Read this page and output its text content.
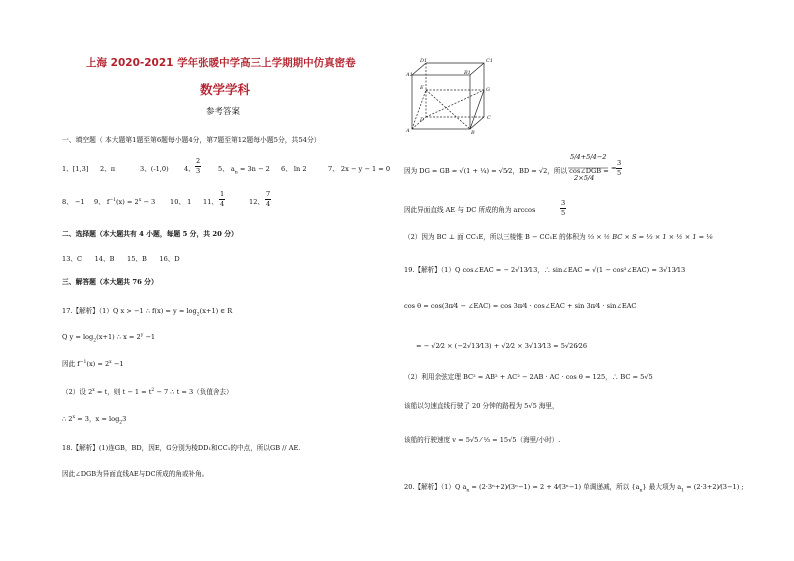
上海 2020-2021 学年张暖中学高三上学期期中仿真密卷
数学学科
参考答案
一、填空题（ 本大题第1题至第6题每小题4分，第7题至第12题每小题5分，共54分）
1、[1,3] 2、π	3、(-1,0) 4、 $\frac{2}{3}$	5、 $a_n = 3n - 2$ 6、 ln 2	7、 2x − y − 1 = 0
8、 −1 9、 $f^{-1}(x) = 2^x - 3$ 10、 1 11、 $\frac{1}{4}$	12、 $\frac{7}{4}$
二、选择题（本大题共有 4 小题，每题 5 分，共 20 分）
13、C      14、B      15、B      16、D
三、解答题（本大题共 76 分）
17.【解析】（1）Q x > −1 ∴ $f(x) = y = \log_2(x+1)$ ∈ R
Q $y = \log_2(x+1)$ ∴ $x = 2^y -1$
因此 $f^{-1}(x) = 2^x -1$
（2）设 $2^x = t$，则 $t - 1 = t^2 - 7$ ∴ t = 3（负值舍去）
∴ $2^x = 3$，$x = \log_23$
18.【解析】(1)连GB，BD，因E，G分别为棱DD₁和CC₁的中点，所以GB // AE.
因此∠DGB为异面直线AE与DC所成的角或补角。
D1	C1
A1	B1
D	C
A	B
E	G
因为 DG = GB = √(1 + ¼) = √5⁄2，BD = √2，所以 cos∠DGB =
5/4+5/4−2
2×5/4
= $\frac{3}{5}$
因此异面直线 AE 与 DC 所成的角为 arccos	$\frac{3}{5}$
（2）因为 BC ⊥ 面 CC₁E，所以三棱锥 B − CC₁E 的体积为 ⅓ × ½ BC × S = ⅓ × 1 × ½ × 1 = ⅙
19.【解析】（1）Q cos∠EAC = − 2√13⁄13，∴ sin∠EAC = √(1 − cos²∠EAC) = 3√13⁄13
cos θ = cos(3π⁄4 − ∠EAC) = cos 3π⁄4 · cos∠EAC + sin 3π⁄4 · sin∠EAC
= − √2⁄2 × (−2√13⁄13) + √2⁄2 × 3√13⁄13 = 5√26⁄26
（2）利用余弦定理 BC² = AB² + AC² − 2AB · AC · cos θ = 125，∴ BC = 5√5
该船以匀速直线行驶了 20 分钟的路程为 5√5 海里，
该船的行驶速度 v = 5√5 ⁄ ⅓ = 15√5（海里/小时）.
20.【解析】（1）Q $a_n$ = (2·3ⁿ+2)⁄(3ⁿ−1) = 2 + 4⁄(3ⁿ−1) 单调递减，所以 $\{a_n\}$ 最大项为 $a_1$ = (2·3+2)⁄(3−1) ;
